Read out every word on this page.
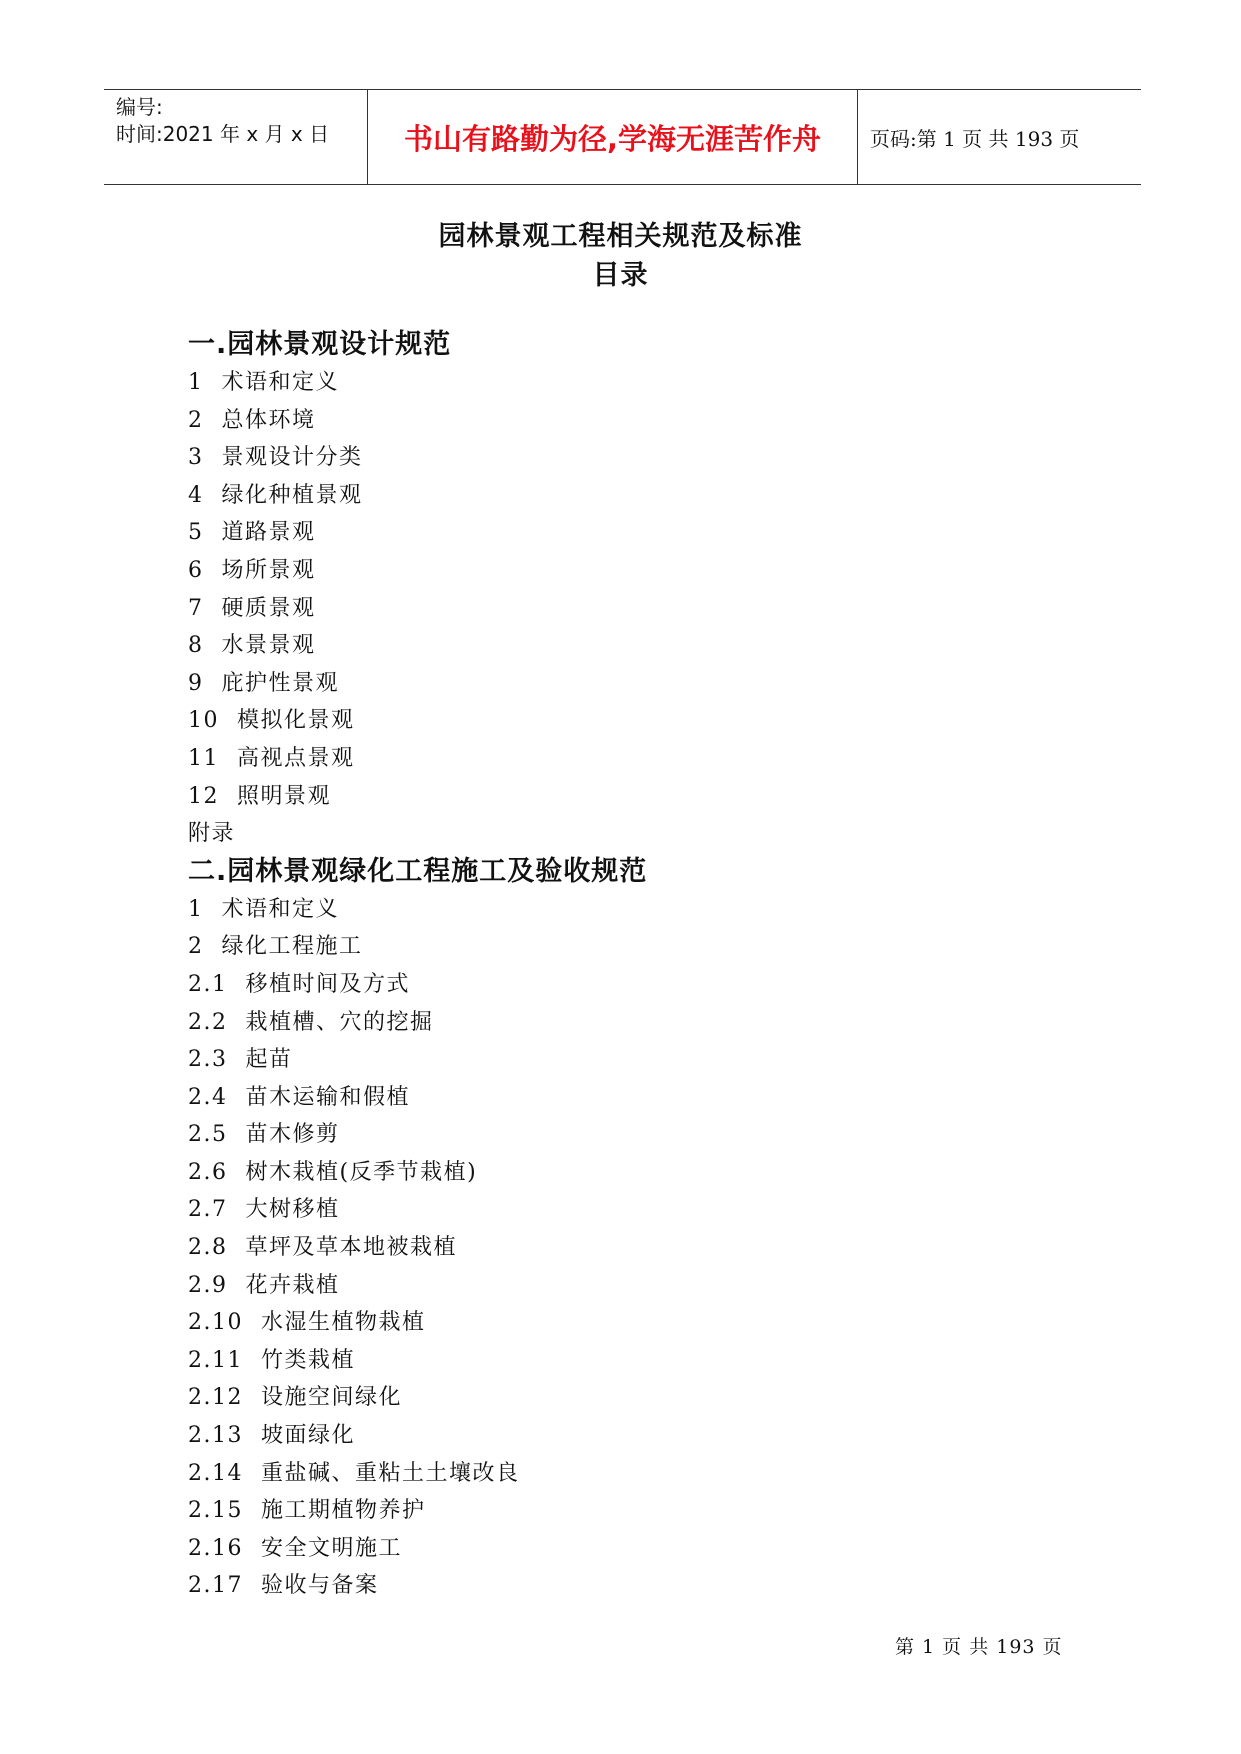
编号:
时间:2021 年 x 月 x 日	书山有路勤为径,学海无涯苦作舟	页码:第 1 页 共 193 页
园林景观工程相关规范及标准
目录
一.园林景观设计规范
1 术语和定义
2 总体环境
3 景观设计分类
4 绿化种植景观
5 道路景观
6 场所景观
7 硬质景观
8 水景景观
9 庇护性景观
10 模拟化景观
11 高视点景观
12 照明景观
附录
二.园林景观绿化工程施工及验收规范
1 术语和定义
2 绿化工程施工
2.1 移植时间及方式
2.2 栽植槽、穴的挖掘
2.3 起苗
2.4 苗木运输和假植
2.5 苗木修剪
2.6 树木栽植(反季节栽植)
2.7 大树移植
2.8 草坪及草本地被栽植
2.9 花卉栽植
2.10 水湿生植物栽植
2.11 竹类栽植
2.12 设施空间绿化
2.13 坡面绿化
2.14 重盐碱、重粘土土壤改良
2.15 施工期植物养护
2.16 安全文明施工
2.17 验收与备案
第 1 页 共 193 页
